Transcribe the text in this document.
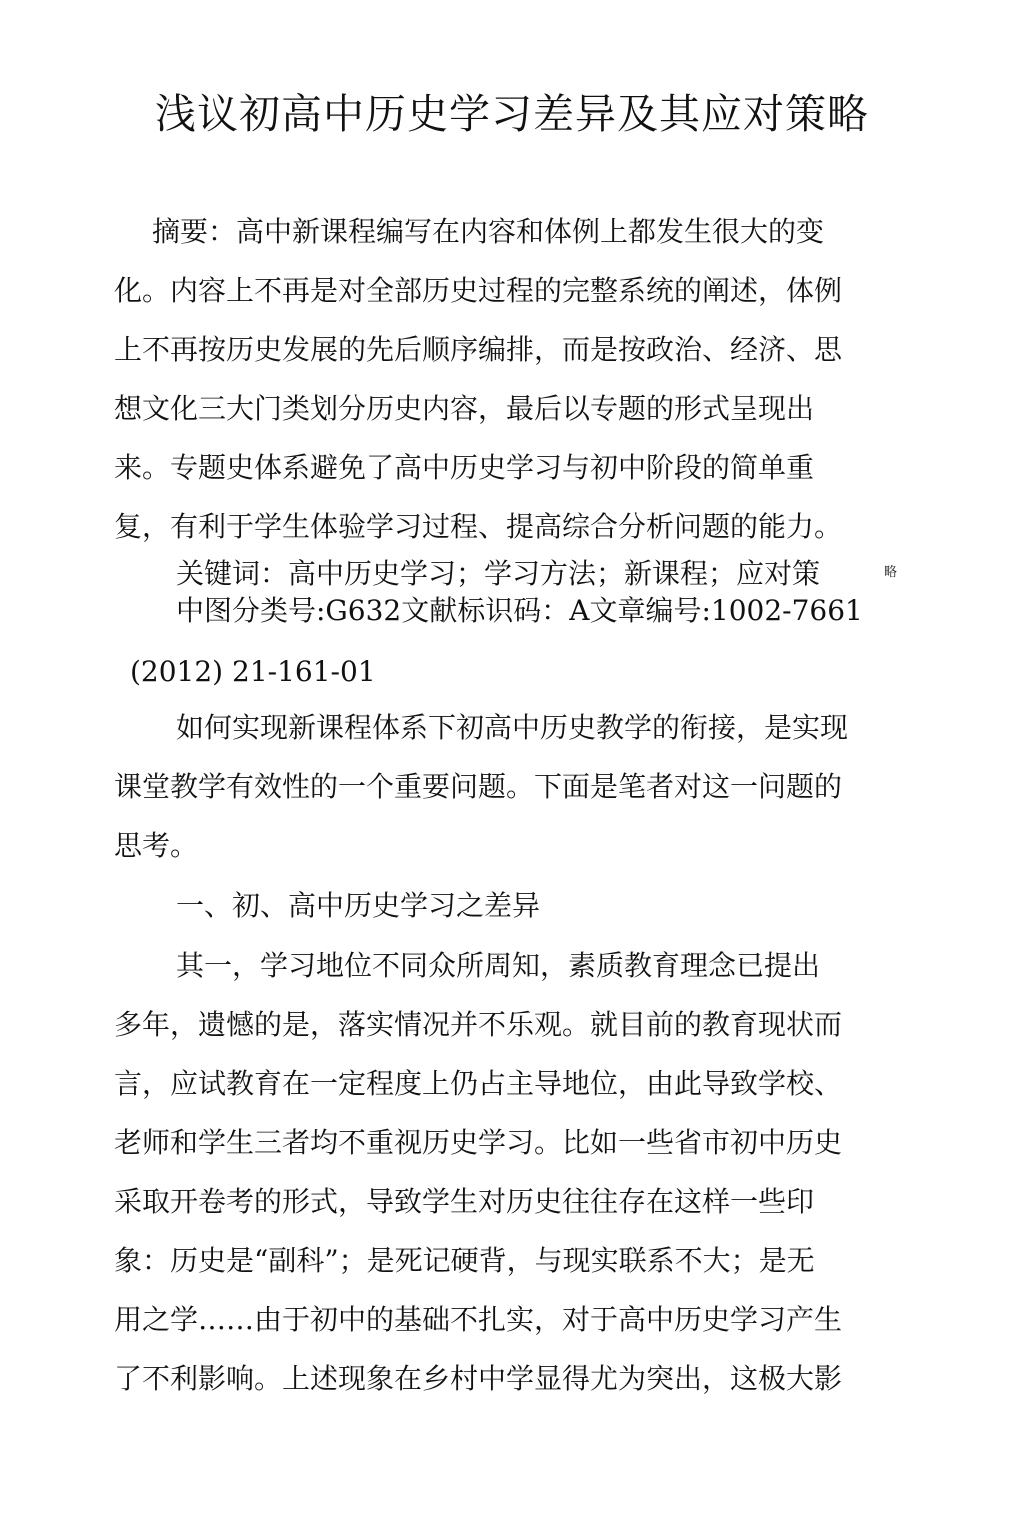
浅议初高中历史学习差异及其应对策略
摘要：高中新课程编写在内容和体例上都发生很大的变
化。内容上不再是对全部历史过程的完整系统的阐述，体例
上不再按历史发展的先后顺序编排，而是按政治、经济、思
想文化三大门类划分历史内容，最后以专题的形式呈现出
来。专题史体系避免了高中历史学习与初中阶段的简单重
复，有利于学生体验学习过程、提高综合分析问题的能力。
关键词：高中历史学习；学习方法；新课程；应对策	略
中图分类号:G632文献标识码：A文章编号:1002-7661
(2012) 21-161-01
如何实现新课程体系下初高中历史教学的衔接，是实现
课堂教学有效性的一个重要问题。下面是笔者对这一问题的
思考。
一、初、高中历史学习之差异
其一，学习地位不同众所周知，素质教育理念已提出
多年，遗憾的是，落实情况并不乐观。就目前的教育现状而
言，应试教育在一定程度上仍占主导地位，由此导致学校、
老师和学生三者均不重视历史学习。比如一些省市初中历史
采取开卷考的形式，导致学生对历史往往存在这样一些印
象：历史是“副科”；是死记硬背，与现实联系不大；是无
用之学……由于初中的基础不扎实，对于高中历史学习产生
了不利影响。上述现象在乡村中学显得尤为突出，这极大影
